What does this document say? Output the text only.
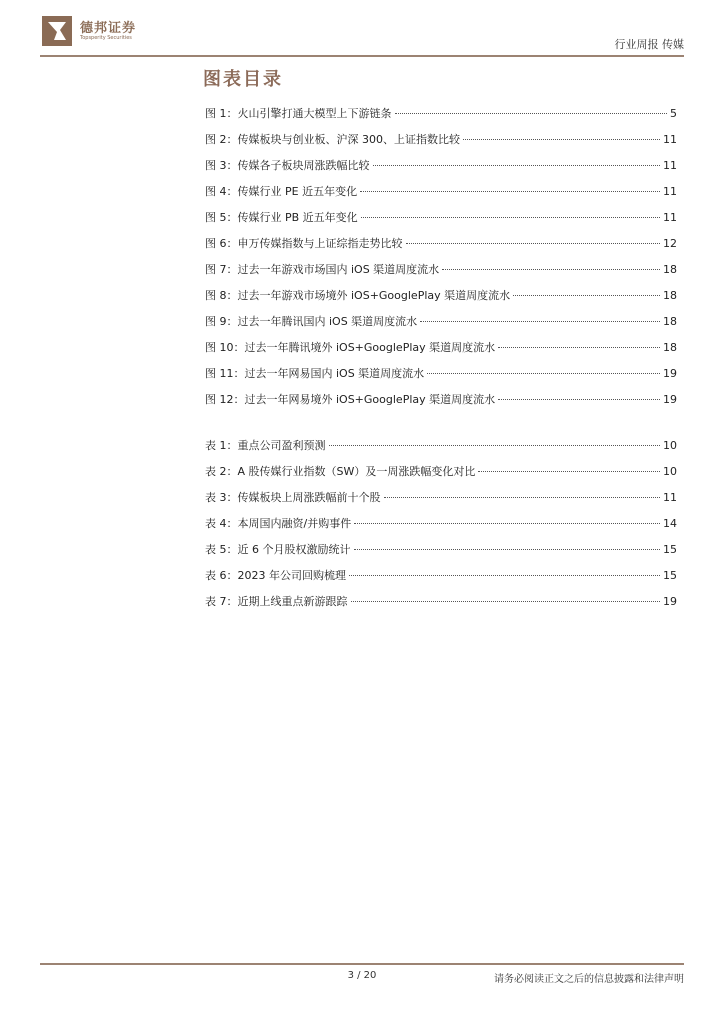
德邦证券
Topsperity Securities	行业周报 传媒
图表目录
图 1：火山引擎打通大模型上下游链条	5
图 2：传媒板块与创业板、沪深 300、上证指数比较	11
图 3：传媒各子板块周涨跌幅比较	11
图 4：传媒行业 PE 近五年变化	11
图 5：传媒行业 PB 近五年变化	11
图 6：申万传媒指数与上证综指走势比较	12
图 7：过去一年游戏市场国内 iOS 渠道周度流水	18
图 8：过去一年游戏市场境外 iOS+GooglePlay 渠道周度流水	18
图 9：过去一年腾讯国内 iOS 渠道周度流水	18
图 10：过去一年腾讯境外 iOS+GooglePlay 渠道周度流水	18
图 11：过去一年网易国内 iOS 渠道周度流水	19
图 12：过去一年网易境外 iOS+GooglePlay 渠道周度流水	19
表 1：重点公司盈利预测	10
表 2：A 股传媒行业指数（SW）及一周涨跌幅变化对比	10
表 3：传媒板块上周涨跌幅前十个股	11
表 4：本周国内融资/并购事件	14
表 5：近 6 个月股权激励统计	15
表 6：2023 年公司回购梳理	15
表 7：近期上线重点新游跟踪	19
3 / 20	请务必阅读正文之后的信息披露和法律声明
